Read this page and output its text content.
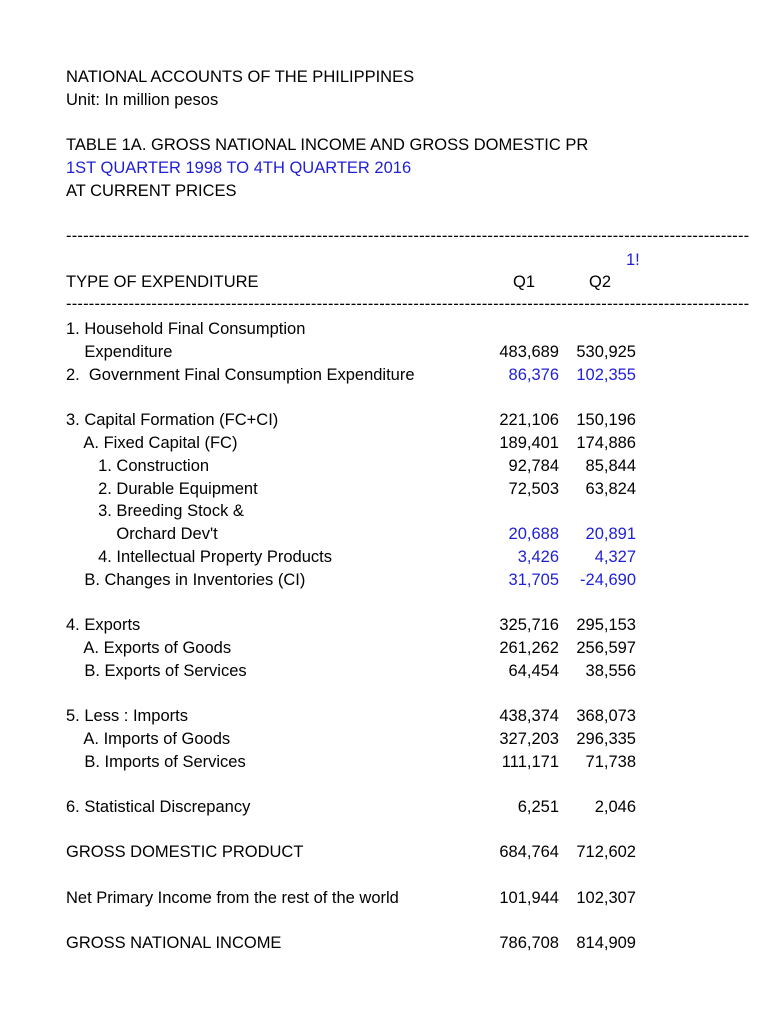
NATIONAL ACCOUNTS OF THE PHILIPPINES
Unit: In million pesos
TABLE 1A. GROSS NATIONAL INCOME AND GROSS DOMESTIC PR
1ST QUARTER 1998 TO 4TH QUARTER 2016
AT CURRENT PRICES
------------------------------------------------------------------------------------------------------------------------
1!
TYPE OF EXPENDITURE	Q1	Q2
------------------------------------------------------------------------------------------------------------------------
1. Household Final Consumption
Expenditure	483,689 530,925
2.  Government Final Consumption Expenditure	86,376 102,355
3. Capital Formation (FC+CI)	221,106 150,196
A. Fixed Capital (FC)	189,401 174,886
1. Construction	92,784 85,844
2. Durable Equipment	72,503 63,824
3. Breeding Stock &
Orchard Dev't	20,688 20,891
4. Intellectual Property Products	3,426 4,327
B. Changes in Inventories (CI)	31,705 -24,690
4. Exports	325,716 295,153
A. Exports of Goods	261,262 256,597
B. Exports of Services	64,454 38,556
5. Less : Imports	438,374 368,073
A. Imports of Goods	327,203 296,335
B. Imports of Services	111,171 71,738
6. Statistical Discrepancy	6,251 2,046
GROSS DOMESTIC PRODUCT	684,764 712,602
Net Primary Income from the rest of the world	101,944 102,307
GROSS NATIONAL INCOME	786,708 814,909
